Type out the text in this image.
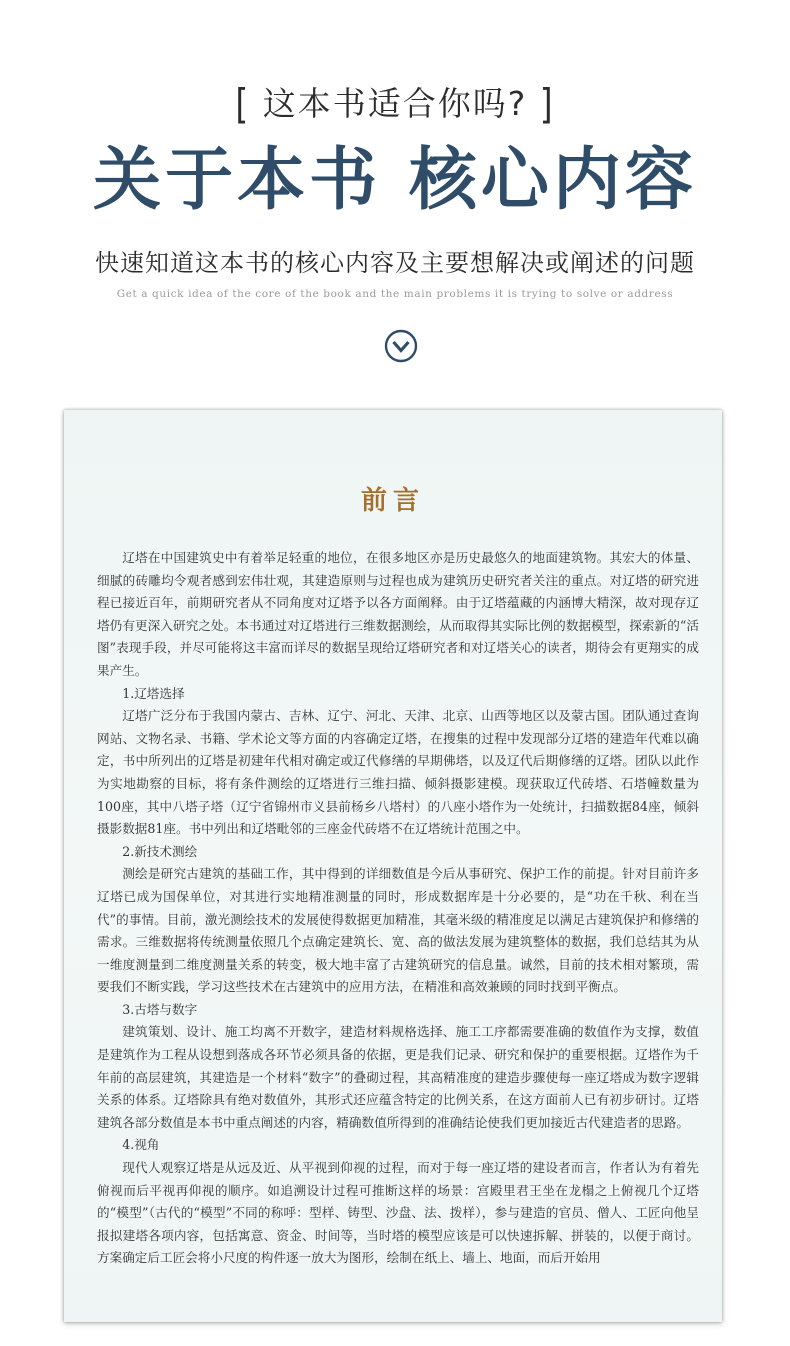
[ 这本书适合你吗? ]
关于本书 核心内容
快速知道这本书的核心内容及主要想解决或阐述的问题
Get a quick idea of the core of the book and the main problems it is trying to solve or address
前言

辽塔在中国建筑史中有着举足轻重的地位，在很多地区亦是历史最悠久的地面建筑物。其宏大的体量、细腻的砖雕均令观者感到宏伟壮观，其建造原则与过程也成为建筑历史研究者关注的重点。对辽塔的研究进程已接近百年，前期研究者从不同角度对辽塔予以各方面阐释。由于辽塔蕴藏的内涵博大精深，故对现存辽塔仍有更深入研究之处。本书通过对辽塔进行三维数据测绘，从而取得其实际比例的数据模型，探索新的“活图”表现手段，并尽可能将这丰富而详尽的数据呈现给辽塔研究者和对辽塔关心的读者，期待会有更翔实的成果产生。

1.辽塔选择

辽塔广泛分布于我国内蒙古、吉林、辽宁、河北、天津、北京、山西等地区以及蒙古国。团队通过查询网站、文物名录、书籍、学术论文等方面的内容确定辽塔，在搜集的过程中发现部分辽塔的建造年代难以确定，书中所列出的辽塔是初建年代相对确定或辽代修缮的早期佛塔，以及辽代后期修缮的辽塔。团队以此作为实地勘察的目标，将有条件测绘的辽塔进行三维扫描、倾斜摄影建模。现获取辽代砖塔、石塔幢数量为100座，其中八塔子塔（辽宁省锦州市义县前杨乡八塔村）的八座小塔作为一处统计，扫描数据84座，倾斜摄影数据81座。书中列出和辽塔毗邻的三座金代砖塔不在辽塔统计范围之中。

2.新技术测绘

测绘是研究古建筑的基础工作，其中得到的详细数值是今后从事研究、保护工作的前提。针对目前许多辽塔已成为国保单位，对其进行实地精准测量的同时，形成数据库是十分必要的，是“功在千秋、利在当代”的事情。目前，激光测绘技术的发展使得数据更加精准，其毫米级的精准度足以满足古建筑保护和修缮的需求。三维数据将传统测量依照几个点确定建筑长、宽、高的做法发展为建筑整体的数据，我们总结其为从一维度测量到二维度测量关系的转变，极大地丰富了古建筑研究的信息量。诚然，目前的技术相对繁琐，需要我们不断实践，学习这些技术在古建筑中的应用方法，在精准和高效兼顾的同时找到平衡点。

3.古塔与数字

建筑策划、设计、施工均离不开数字，建造材料规格选择、施工工序都需要准确的数值作为支撑，数值是建筑作为工程从设想到落成各环节必须具备的依据，更是我们记录、研究和保护的重要根据。辽塔作为千年前的高层建筑，其建造是一个材料“数字”的叠砌过程，其高精准度的建造步骤使每一座辽塔成为数字逻辑关系的体系。辽塔除具有绝对数值外，其形式还应蕴含特定的比例关系，在这方面前人已有初步研讨。辽塔建筑各部分数值是本书中重点阐述的内容，精确数值所得到的准确结论使我们更加接近古代建造者的思路。

4.视角

现代人观察辽塔是从远及近、从平视到仰视的过程，而对于每一座辽塔的建设者而言，作者认为有着先俯视而后平视再仰视的顺序。如追溯设计过程可推断这样的场景：宫殿里君王坐在龙榻之上俯视几个辽塔的“模型”（古代的“模型”不同的称呼：型样、铸型、沙盘、法、拨样），参与建造的官员、僧人、工匠向他呈报拟建塔各项内容，包括寓意、资金、时间等，当时塔的模型应该是可以快速拆解、拼装的，以便于商讨。方案确定后工匠会将小尺度的构件逐一放大为图形，绘制在纸上、墙上、地面，而后开始用
